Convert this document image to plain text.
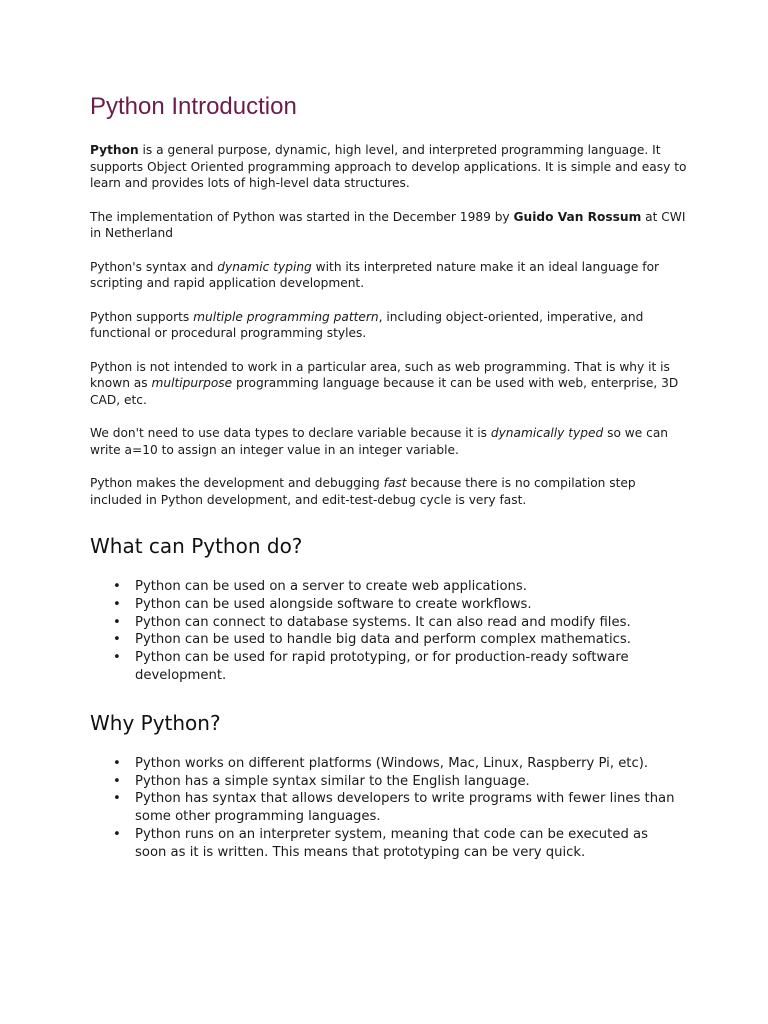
Python Introduction

Python is a general purpose, dynamic, high level, and interpreted programming language. It supports Object Oriented programming approach to develop applications. It is simple and easy to learn and provides lots of high-level data structures.

The implementation of Python was started in the December 1989 by Guido Van Rossum at CWI in Netherland

Python's syntax and dynamic typing with its interpreted nature make it an ideal language for scripting and rapid application development.

Python supports multiple programming pattern, including object-oriented, imperative, and functional or procedural programming styles.

Python is not intended to work in a particular area, such as web programming. That is why it is known as multipurpose programming language because it can be used with web, enterprise, 3D CAD, etc.

We don't need to use data types to declare variable because it is dynamically typed so we can write a=10 to assign an integer value in an integer variable.

Python makes the development and debugging fast because there is no compilation step included in Python development, and edit-test-debug cycle is very fast.

What can Python do?
• Python can be used on a server to create web applications.
• Python can be used alongside software to create workflows.
• Python can connect to database systems. It can also read and modify files.
• Python can be used to handle big data and perform complex mathematics.
• Python can be used for rapid prototyping, or for production-ready software development.
Why Python?
• Python works on different platforms (Windows, Mac, Linux, Raspberry Pi, etc).
• Python has a simple syntax similar to the English language.
• Python has syntax that allows developers to write programs with fewer lines than some other programming languages.
• Python runs on an interpreter system, meaning that code can be executed as soon as it is written. This means that prototyping can be very quick.
